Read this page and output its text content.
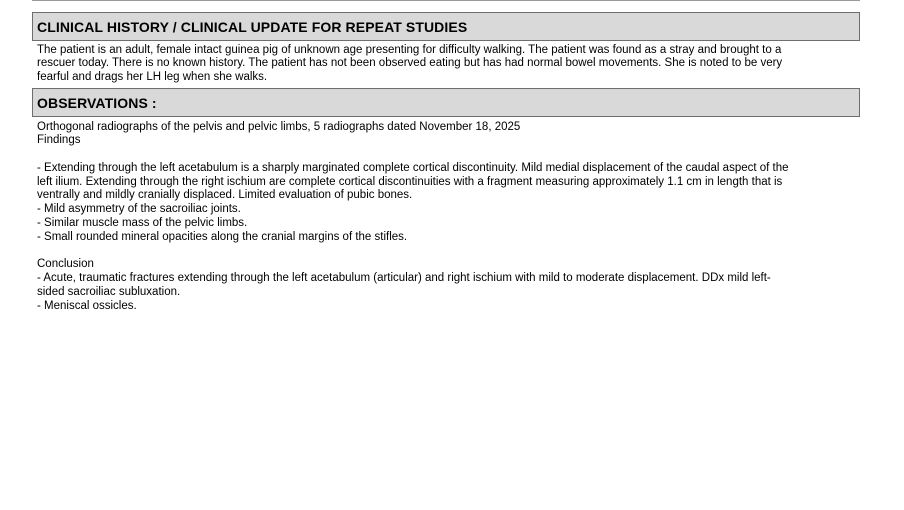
CLINICAL HISTORY / CLINICAL UPDATE FOR REPEAT STUDIES
The patient is an adult, female intact guinea pig of unknown age presenting for difficulty walking. The patient was found as a stray and brought to a
rescuer today. There is no known history. The patient has not been observed eating but has had normal bowel movements. She is noted to be very
fearful and drags her LH leg when she walks.
OBSERVATIONS :
Orthogonal radiographs of the pelvis and pelvic limbs, 5 radiographs dated November 18, 2025
Findings
- Extending through the left acetabulum is a sharply marginated complete cortical discontinuity. Mild medial displacement of the caudal aspect of the
left ilium. Extending through the right ischium are complete cortical discontinuities with a fragment measuring approximately 1.1 cm in length that is
ventrally and mildly cranially displaced. Limited evaluation of pubic bones.
- Mild asymmetry of the sacroiliac joints.
- Similar muscle mass of the pelvic limbs.
- Small rounded mineral opacities along the cranial margins of the stifles.
Conclusion
- Acute, traumatic fractures extending through the left acetabulum (articular) and right ischium with mild to moderate displacement. DDx mild left-
sided sacroiliac subluxation.
- Meniscal ossicles.
